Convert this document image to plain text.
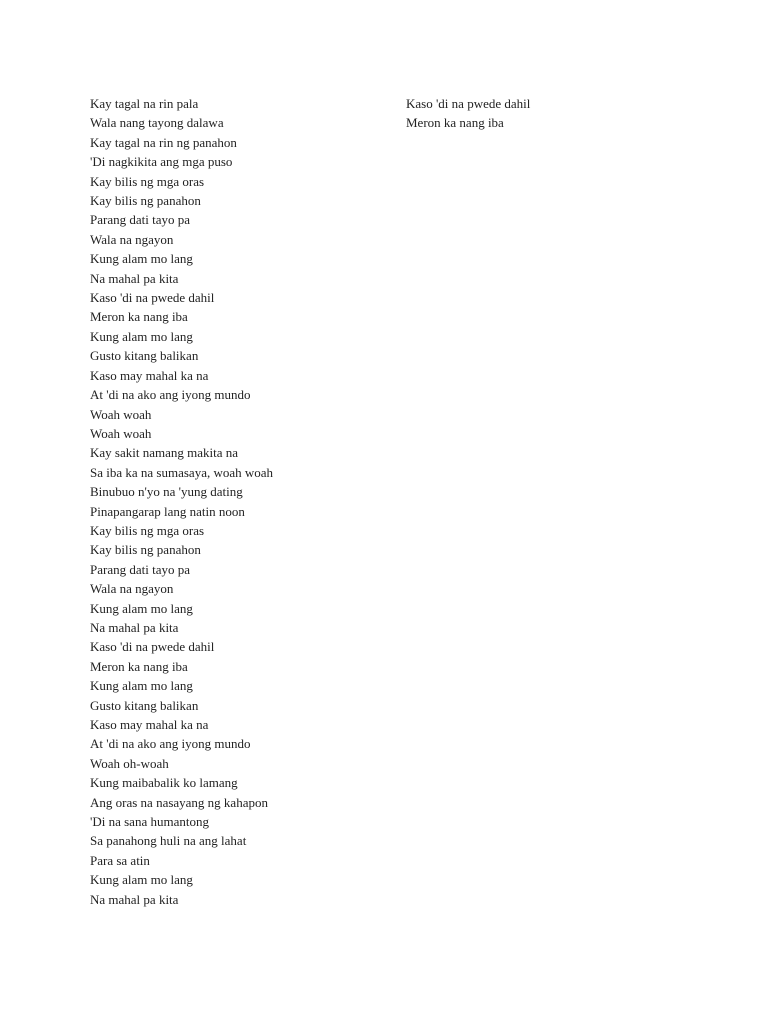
Kay tagal na rin pala
Wala nang tayong dalawa
Kay tagal na rin ng panahon
'Di nagkikita ang mga puso
Kay bilis ng mga oras
Kay bilis ng panahon
Parang dati tayo pa
Wala na ngayon
Kung alam mo lang
Na mahal pa kita
Kaso 'di na pwede dahil
Meron ka nang iba
Kung alam mo lang
Gusto kitang balikan
Kaso may mahal ka na
At 'di na ako ang iyong mundo
Woah woah
Woah woah
Kay sakit namang makita na
Sa iba ka na sumasaya, woah woah
Binubuo n'yo na 'yung dating
Pinapangarap lang natin noon
Kay bilis ng mga oras
Kay bilis ng panahon
Parang dati tayo pa
Wala na ngayon
Kung alam mo lang
Na mahal pa kita
Kaso 'di na pwede dahil
Meron ka nang iba
Kung alam mo lang
Gusto kitang balikan
Kaso may mahal ka na
At 'di na ako ang iyong mundo
Woah oh-woah
Kung maibabalik ko lamang
Ang oras na nasayang ng kahapon
'Di na sana humantong
Sa panahong huli na ang lahat
Para sa atin
Kung alam mo lang
Na mahal pa kita
Kaso 'di na pwede dahil
Meron ka nang iba
